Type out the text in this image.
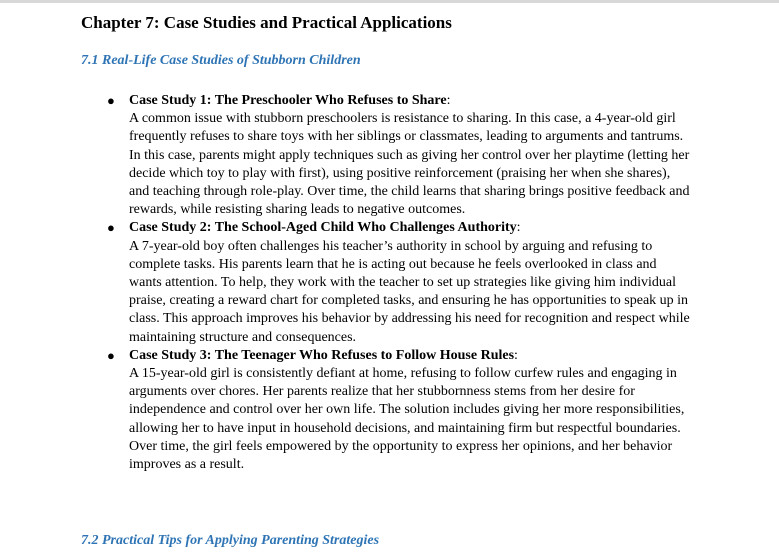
Chapter 7: Case Studies and Practical Applications
7.1 Real-Life Case Studies of Stubborn Children
● Case Study 1: The Preschooler Who Refuses to Share:
A common issue with stubborn preschoolers is resistance to sharing. In this case, a 4-year-old girl frequently refuses to share toys with her siblings or classmates, leading to arguments and tantrums. In this case, parents might apply techniques such as giving her control over her playtime (letting her decide which toy to play with first), using positive reinforcement (praising her when she shares), and teaching through role-play. Over time, the child learns that sharing brings positive feedback and rewards, while resisting sharing leads to negative outcomes.
● Case Study 2: The School-Aged Child Who Challenges Authority:
A 7-year-old boy often challenges his teacher’s authority in school by arguing and refusing to complete tasks. His parents learn that he is acting out because he feels overlooked in class and wants attention. To help, they work with the teacher to set up strategies like giving him individual praise, creating a reward chart for completed tasks, and ensuring he has opportunities to speak up in class. This approach improves his behavior by addressing his need for recognition and respect while maintaining structure and consequences.
● Case Study 3: The Teenager Who Refuses to Follow House Rules:
A 15-year-old girl is consistently defiant at home, refusing to follow curfew rules and engaging in arguments over chores. Her parents realize that her stubbornness stems from her desire for independence and control over her own life. The solution includes giving her more responsibilities, allowing her to have input in household decisions, and maintaining firm but respectful boundaries. Over time, the girl feels empowered by the opportunity to express her opinions, and her behavior improves as a result.
7.2 Practical Tips for Applying Parenting Strategies
